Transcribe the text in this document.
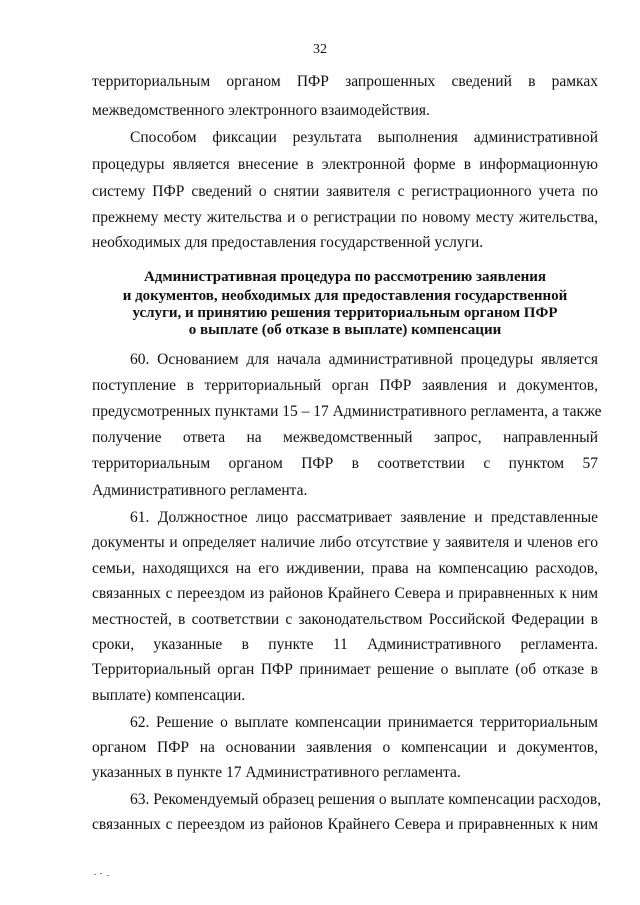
32
территориальным органом ПФР запрошенных сведений в рамках
межведомственного электронного взаимодействия.
Способом фиксации результата выполнения административной
процедуры является внесение в электронной форме в информационную
систему ПФР сведений о снятии заявителя с регистрационного учета по
прежнему месту жительства и о регистрации по новому месту жительства,
необходимых для предоставления государственной услуги.
Административная процедура по рассмотрению заявления
и документов, необходимых для предоставления государственной
услуги, и принятию решения территориальным органом ПФР
о выплате (об отказе в выплате) компенсации
60. Основанием для начала административной процедуры является
поступление в территориальный орган ПФР заявления и документов,
предусмотренных пунктами 15 – 17 Административного регламента, а также
получение ответа на межведомственный запрос, направленный
территориальным органом ПФР в соответствии с пунктом 57
Административного регламента.
61. Должностное лицо рассматривает заявление и представленные
документы и определяет наличие либо отсутствие у заявителя и членов его
семьи, находящихся на его иждивении, права на компенсацию расходов,
связанных с переездом из районов Крайнего Севера и приравненных к ним
местностей, в соответствии с законодательством Российской Федерации в
сроки, указанные в пункте 11 Административного регламента.
Территориальный орган ПФР принимает решение о выплате (об отказе в
выплате) компенсации.
62. Решение о выплате компенсации принимается территориальным
органом ПФР на основании заявления о компенсации и документов,
указанных в пункте 17 Административного регламента.
63. Рекомендуемый образец решения о выплате компенсации расходов,
связанных с переездом из районов Крайнего Севера и приравненных к ним
